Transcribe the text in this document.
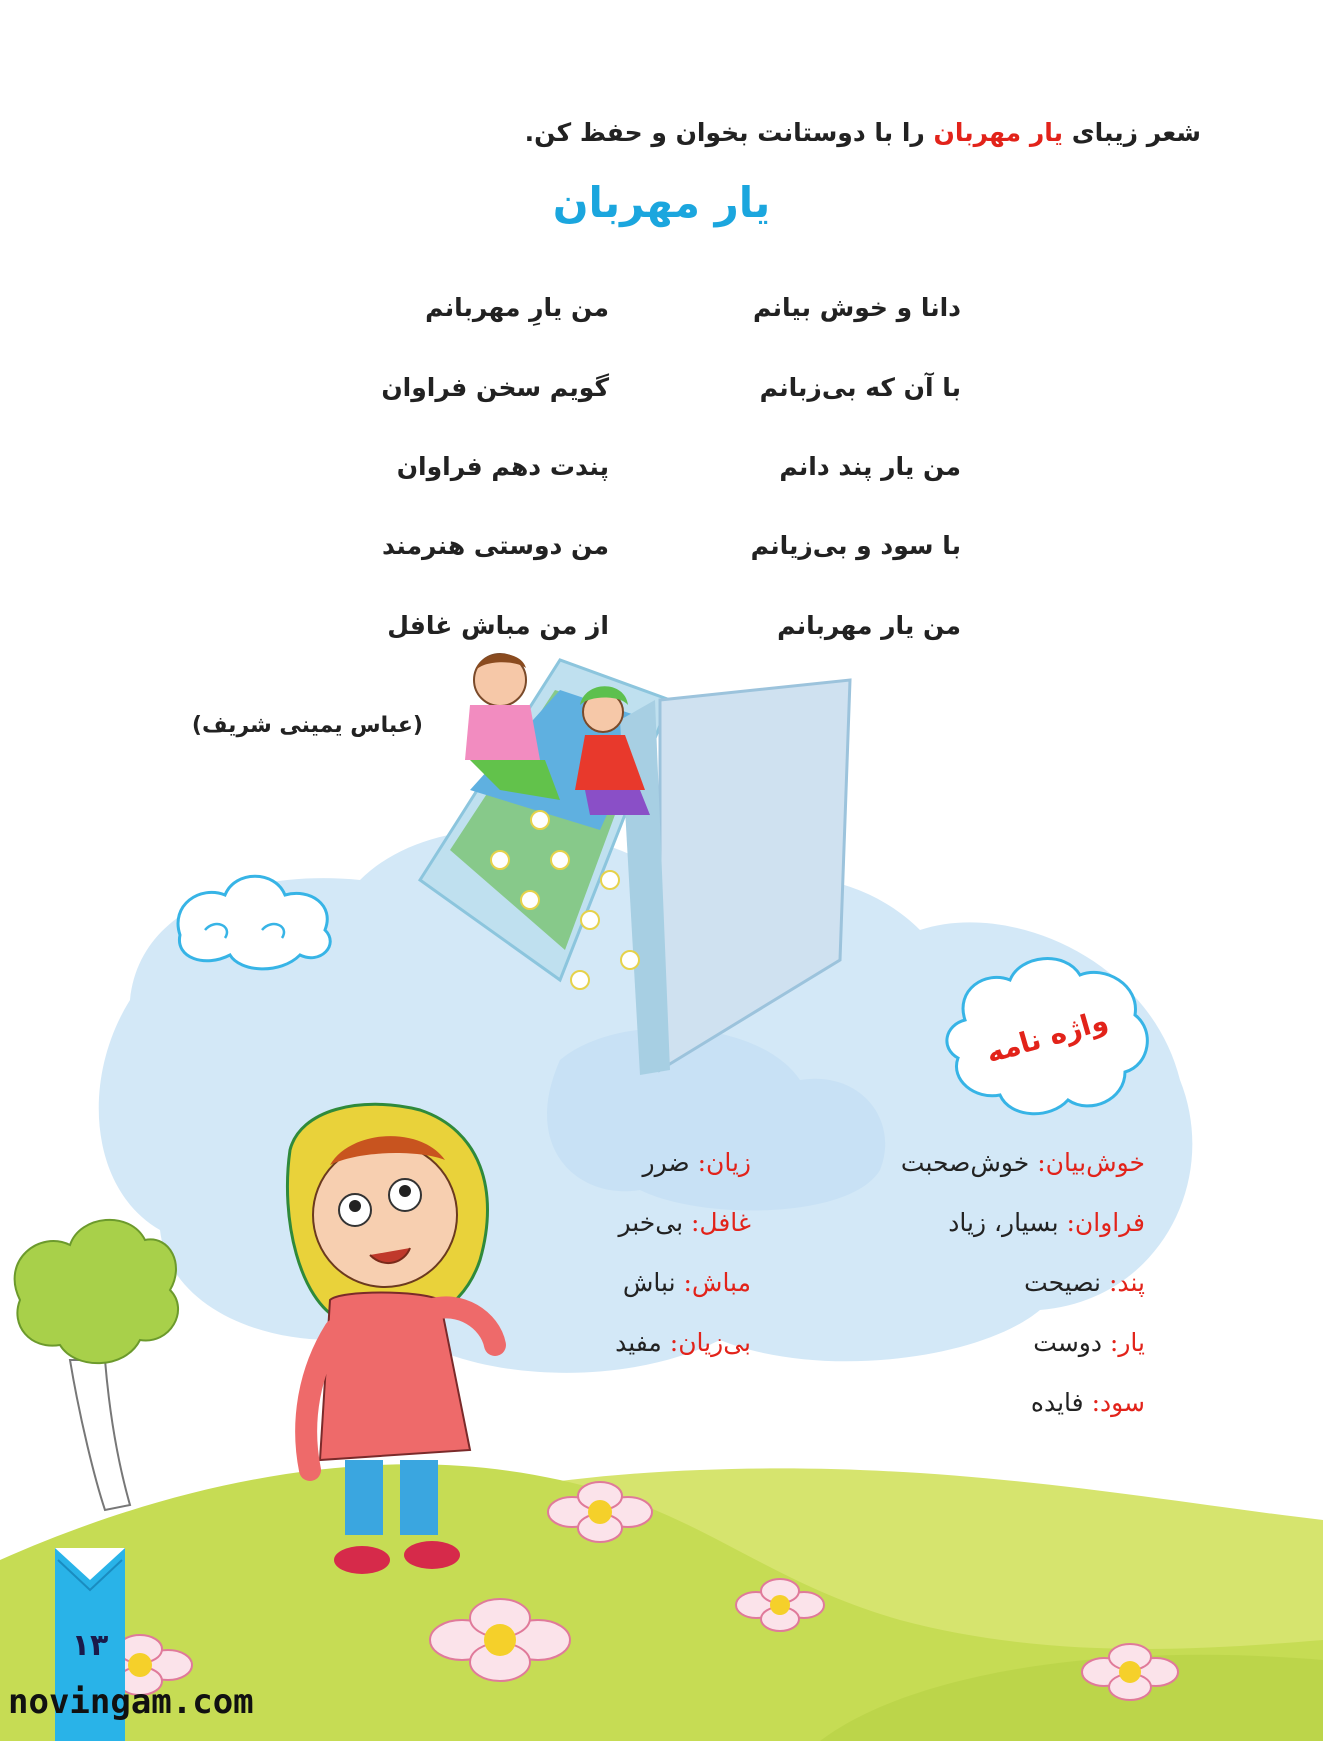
شعر زیبای یار مهربان را با دوستانت بخوان و حفظ کن.
یار مهربان
من یارِ مهربانم	دانا و خوش بیانم
گویم سخن فراوان	با آن که بی‌زبانم
پندت دهم فراوان	من یار پند دانم
من دوستی هنرمند	با سود و بی‌زیانم
از من مباش غافل	من یار مهربانم
(عباس یمینی شریف)
واژه نامه
خوش‌بیان: خوش‌صحبت
فراوان: بسیار، زیاد
پند: نصیحت
یار: دوست
سود: فایده
زیان: ضرر
غافل: بی‌خبر
مباش: نباش
بی‌زیان: مفید
۱۳
novingam.com
